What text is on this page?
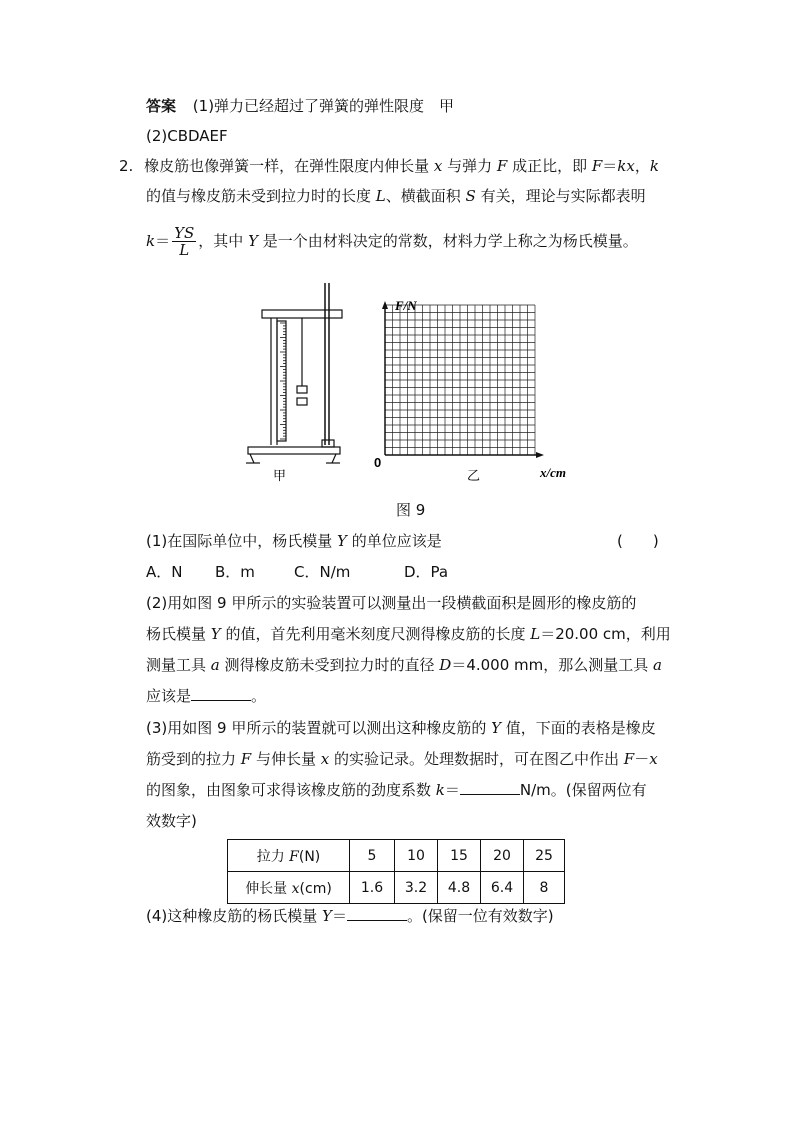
答案 (1)弹力已经超过了弹簧的弹性限度　甲
(2)CBDAEF
2. 橡皮筋也像弹簧一样，在弹性限度内伸长量 x 与弹力 F 成正比，即 F＝kx，k
的值与橡皮筋未受到拉力时的长度 L、横截面积 S 有关，理论与实际都表明
$k= \frac{YS}{L}$ ，其中 Y 是一个由材料决定的常数，材料力学上称之为杨氏模量。
F/N
0
x/cm
甲	乙
图 9
(1)在国际单位中，杨氏模量 Y 的单位应该是	(　　)
A．N B．m	C．N/m	D．Pa
(2)用如图 9 甲所示的实验装置可以测量出一段横截面积是圆形的橡皮筋的
杨氏模量 Y 的值，首先利用毫米刻度尺测得橡皮筋的长度 L＝20.00 cm，利用
测量工具 a 测得橡皮筋未受到拉力时的直径 D＝4.000 mm，那么测量工具 a
应该是	。
(3)用如图 9 甲所示的装置就可以测出这种橡皮筋的 Y 值，下面的表格是橡皮
筋受到的拉力 F 与伸长量 x 的实验记录。处理数据时，可在图乙中作出 F－x
的图象，由图象可求得该橡皮筋的劲度系数 k＝	N/m。(保留两位有
效数字)
拉力 F(N)	5	10	15	20	25
伸长量 x(cm)	1.6	3.2	4.8	6.4	8
(4)这种橡皮筋的杨氏模量 Y＝	。(保留一位有效数字)
